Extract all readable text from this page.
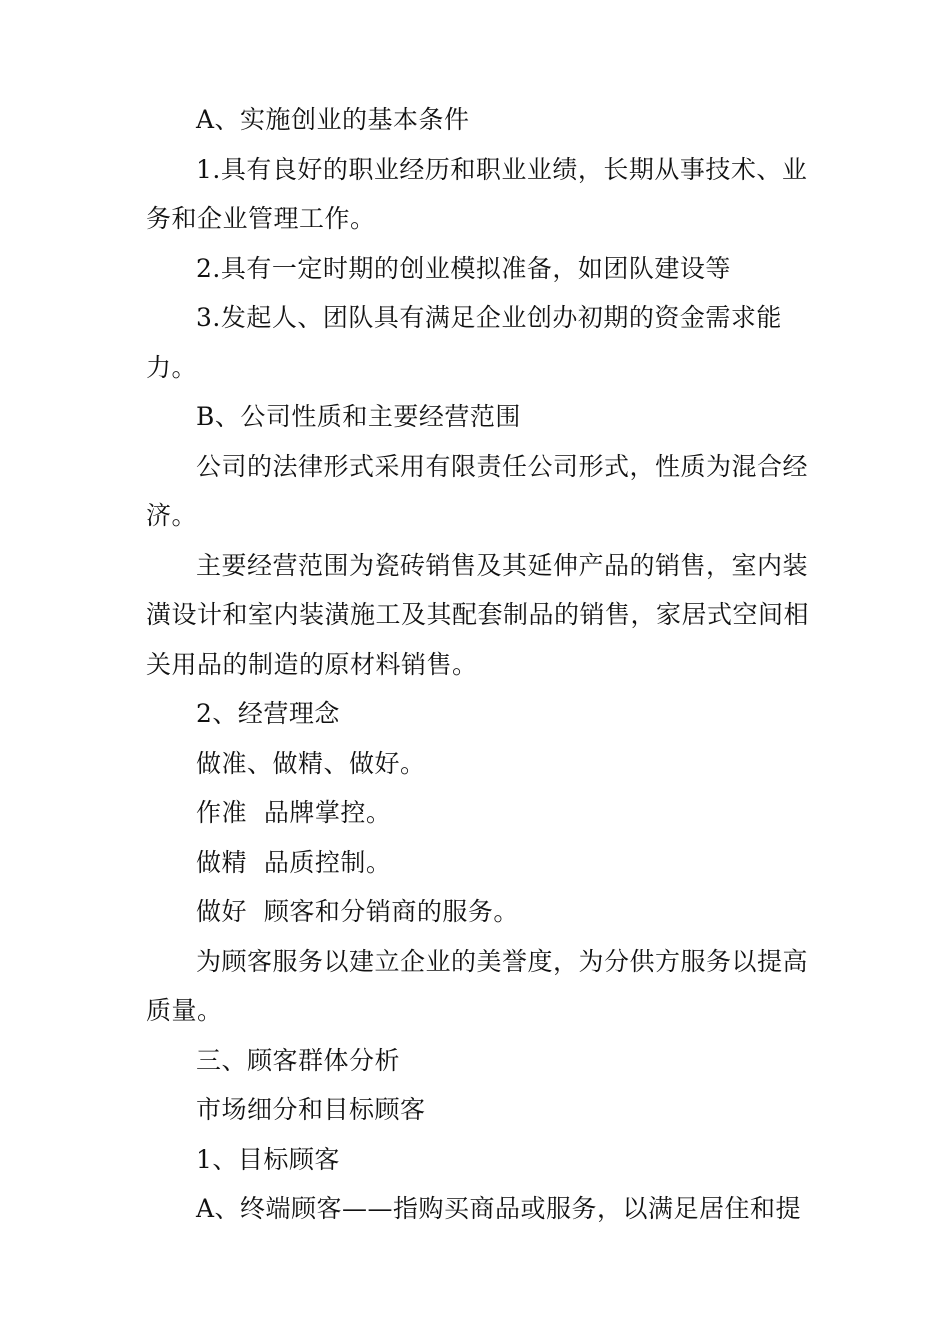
A、实施创业的基本条件

1.具有良好的职业经历和职业业绩，长期从事技术、业务和企业管理工作。

2.具有一定时期的创业模拟准备，如团队建设等

3.发起人、团队具有满足企业创办初期的资金需求能力。

B、公司性质和主要经营范围

公司的法律形式采用有限责任公司形式，性质为混合经济。

主要经营范围为瓷砖销售及其延伸产品的销售，室内装潢设计和室内装潢施工及其配套制品的销售，家居式空间相关用品的制造的原材料销售。

2、经营理念

做准、做精、做好。

作准  品牌掌控。

做精  品质控制。

做好  顾客和分销商的服务。

为顾客服务以建立企业的美誉度，为分供方服务以提高质量。

三、顾客群体分析

市场细分和目标顾客

1、目标顾客

A、终端顾客——指购买商品或服务，以满足居住和提
